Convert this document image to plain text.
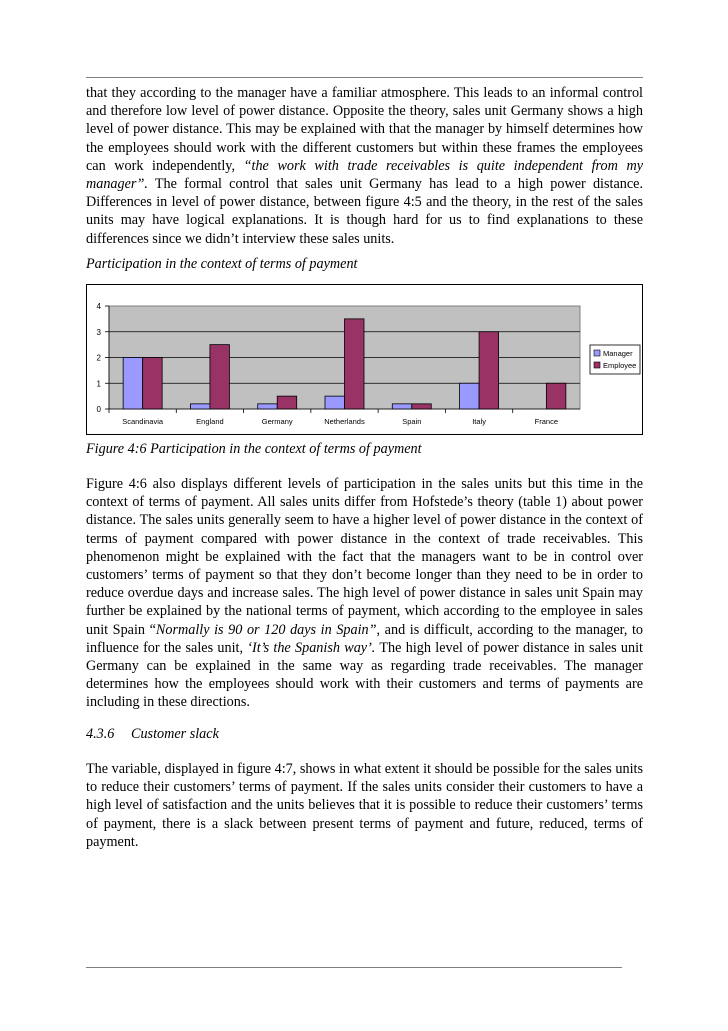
that they according to the manager have a familiar atmosphere. This leads to an informal control and therefore low level of power distance. Opposite the theory, sales unit Germany shows a high level of power distance. This may be explained with that the manager by himself determines how the employees should work with the different customers but within these frames the employees can work independently, “the work with trade receivables is quite independent from my manager”. The formal control that sales unit Germany has lead to a high power distance. Differences in level of power distance, between figure 4:5 and the theory, in the rest of the sales units may have logical explanations. It is though hard for us to find explanations to these differences since we didn’t interview these sales units.

Participation in the context of terms of payment

0
1
2
3
4
Scandinavia	England	Germany	Netherlands	Spain	Italy	France
Manager
Employee

Figure 4:6 Participation in the context of terms of payment

Figure 4:6 also displays different levels of participation in the sales units but this time in the context of terms of payment. All sales units differ from Hofstede’s theory (table 1) about power distance. The sales units generally seem to have a higher level of power distance in the context of terms of payment compared with power distance in the context of trade receivables. This phenomenon might be explained with the fact that the managers want to be in control over customers’ terms of payment so that they don’t become longer than they need to be in order to reduce overdue days and increase sales. The high level of power distance in sales unit Spain may further be explained by the national terms of payment, which according to the employee in sales unit Spain “Normally is 90 or 120 days in Spain”, and is difficult, according to the manager, to influence for the sales unit, ‘It’s the Spanish way’. The high level of power distance in sales unit Germany can be explained in the same way as regarding trade receivables. The manager determines how the employees should work with their customers and terms of payments are including in these directions.

4.3.6 Customer slack

The variable, displayed in figure 4:7, shows in what extent it should be possible for the sales units to reduce their customers’ terms of payment. If the sales units consider their customers to have a high level of satisfaction and the units believes that it is possible to reduce their customers’ terms of payment, there is a slack between present terms of payment and future, reduced, terms of payment.
